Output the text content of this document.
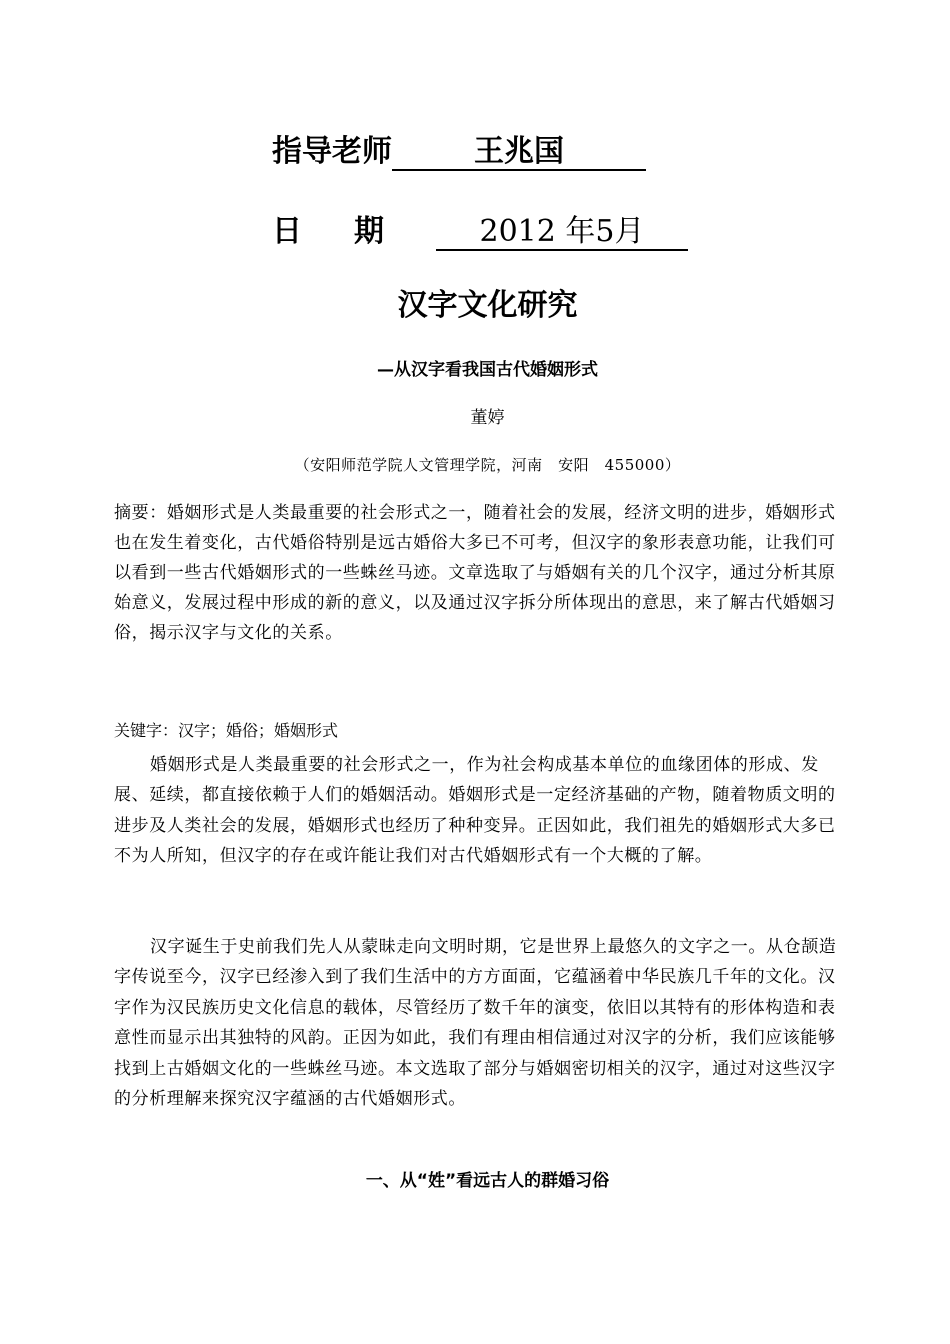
指导老师	王兆国
日期 2012 年5月
汉字文化研究
—从汉字看我国古代婚姻形式
董婷
（安阳师范学院人文管理学院，河南　安阳　455000）

摘要：婚姻形式是人类最重要的社会形式之一，随着社会的发展，经济文明的进步，婚姻形式也在发生着变化，古代婚俗特别是远古婚俗大多已不可考，但汉字的象形表意功能，让我们可以看到一些古代婚姻形式的一些蛛丝马迹。文章选取了与婚姻有关的几个汉字，通过分析其原始意义，发展过程中形成的新的意义，以及通过汉字拆分所体现出的意思，来了解古代婚姻习俗，揭示汉字与文化的关系。

关键字：汉字；婚俗；婚姻形式

婚姻形式是人类最重要的社会形式之一，作为社会构成基本单位的血缘团体的形成、发展、延续，都直接依赖于人们的婚姻活动。婚姻形式是一定经济基础的产物，随着物质文明的进步及人类社会的发展，婚姻形式也经历了种种变异。正因如此，我们祖先的婚姻形式大多已不为人所知，但汉字的存在或许能让我们对古代婚姻形式有一个大概的了解。

汉字诞生于史前我们先人从蒙昧走向文明时期，它是世界上最悠久的文字之一。从仓颉造字传说至今，汉字已经渗入到了我们生活中的方方面面，它蕴涵着中华民族几千年的文化。汉字作为汉民族历史文化信息的载体，尽管经历了数千年的演变，依旧以其特有的形体构造和表意性而显示出其独特的风韵。正因为如此，我们有理由相信通过对汉字的分析，我们应该能够找到上古婚姻文化的一些蛛丝马迹。本文选取了部分与婚姻密切相关的汉字，通过对这些汉字的分析理解来探究汉字蕴涵的古代婚姻形式。

一、从“姓”看远古人的群婚习俗
